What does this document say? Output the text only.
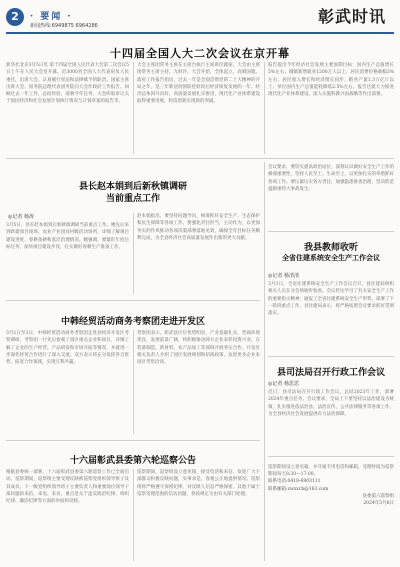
2	· 要闻 ·
新闻热线:6949875 6964286	彰武时讯
十四届全国人大二次会议在京开幕
新华社北京3月5日电 第十四届全国人民代表大会第二次会议5日上午在人民大会堂开幕。近3000名全国人大代表肩负人民重托，出席大会，认真履行宪法和法律赋予的职责。国家主席出席大会。国务院总理代表国务院向大会作政府工作报告。回顾过去一年工作，总结经验，部署今年任务。大会听取审议关于国民经济和社会发展计划执行情况与计划草案的报告等。
大会主席团常务主席在主席台执行主席席位就座。大会由主席团常务主席主持。九时许，大会开始，全体起立，高唱国歌。政府工作报告指出，过去一年是全面贯彻党的二十大精神的开局之年，是三年新冠疫情防控转段后经济恢复发展的一年。经济总体回升向好，高质量发展扎实推进，现代化产业体系建设取得重要进展，科技创新实现新的突破。
报告提出今年经济社会发展主要预期目标：国内生产总值增长5%左右；城镇新增就业1200万人以上；居民消费价格涨幅3%左右；居民收入增长和经济增长同步；粮食产量1.3万亿斤以上；单位国内生产总值能耗降低2.5%左右。报告还就大力推进现代化产业体系建设、深入实施科教兴国战略等作出部署。
县长赵本娟到后新秋镇调研
当前重点工作
◎记者 杨涛
3月5日，县长赵本娟到后新秋镇调研当前重点工作。她先后来到新建项目现场、农业产业园及村级活动场所，详细了解项目建设进度、春耕备耕和基层治理情况。她强调，要紧盯年度目标任务，加快项目建设步伐，扎实做好春耕生产准备工作。
赵本娟指出，要坚持问题导向，统筹抓好安全生产、生态保护和民生保障等各项工作。要强化责任担当，主动作为，以更加务实的作风推动各项决策部署落地见效，确保全年目标任务顺利完成，为全县经济社会高质量发展作出新的更大贡献。
中韩经贸活动商务考察团走进开发区
3月1日至2日，中韩经贸活动商务考察团走进县经济开发区考察调研。考察团一行先后参观了园区重点企业和项目，详细了解了企业的生产经营、产品研发和市场开拓等情况，并就进一步深化经贸合作进行了深入交流。双方表示将充分发挥各自优势，拓宽合作领域，实现互利共赢。
考察团表示，彰武县区位优势明显，产业基础扎实，营商环境优良，发展前景广阔，将积极推动韩方企业来彰投资兴业，在装备制造、新材料、农产品加工等领域开展务实合作。开发区相关负责人介绍了园区发展规划和招商政策，欢迎更多企业来园区考察洽谈。
十六届彰武县委第六轮巡察公告
根据县委统一部署，十六届彰武县委第六轮巡察工作已全面启动。巡察期间，巡察组主要受理反映被巡察党组织领导班子及其成员、下一级党组织领导班子主要负责人和重要岗位领导干部问题的来信、来电、来访，重点是关于违反政治纪律、组织纪律、廉洁纪律等方面的举报和反映。
巡察期间，巡察组设立意见箱，接受电话和来信。欢迎广大干部群众积极反映问题，实事求是、客观公正地提供情况。巡察组将严格遵守保密纪律，对反映人信息严格保密。其他不属于巡察受理范围的信访问题，将按规定交由有关部门处理。
会议要求，要切实提高政治站位，深刻认识做好安全生产工作的极端重要性，坚持人民至上、生命至上，以更加扎实的举措抓好各项工作。要压紧压实各方责任，加强隐患排查治理，坚决防范遏制重特大事故发生。
我县教师收听
全省住建系统安全生产工作会议
◎记者 杨清清
3月1日，全省住建系统安全生产工作会议召开，县住建局组织相关人员在分会场收听收看。会议传达学习了有关安全生产工作的重要指示精神，通报了全省住建系统安全生产形势，部署了下一阶段重点工作。县住建局表示，将严格按照会议要求抓好贯彻落实。
县司法局召开行政工作会议
◎记者 杨思思
近日，县司法局召开行政工作会议，总结2023年工作，部署2024年重点任务。会议要求，全局上下要坚持以法治建设为统领，扎实推进依法治县、法治宣传、公共法律服务等各项工作，为全县经济社会发展提供有力法治保障。
巡察期间设立意见箱，并开通专用电话和邮箱，受理时间为巡察期间每天8:30—17:00。
联系电话:0418-6903111
联系邮箱:zwxxcb@163.com
县委第六巡察组
2024年3月6日
